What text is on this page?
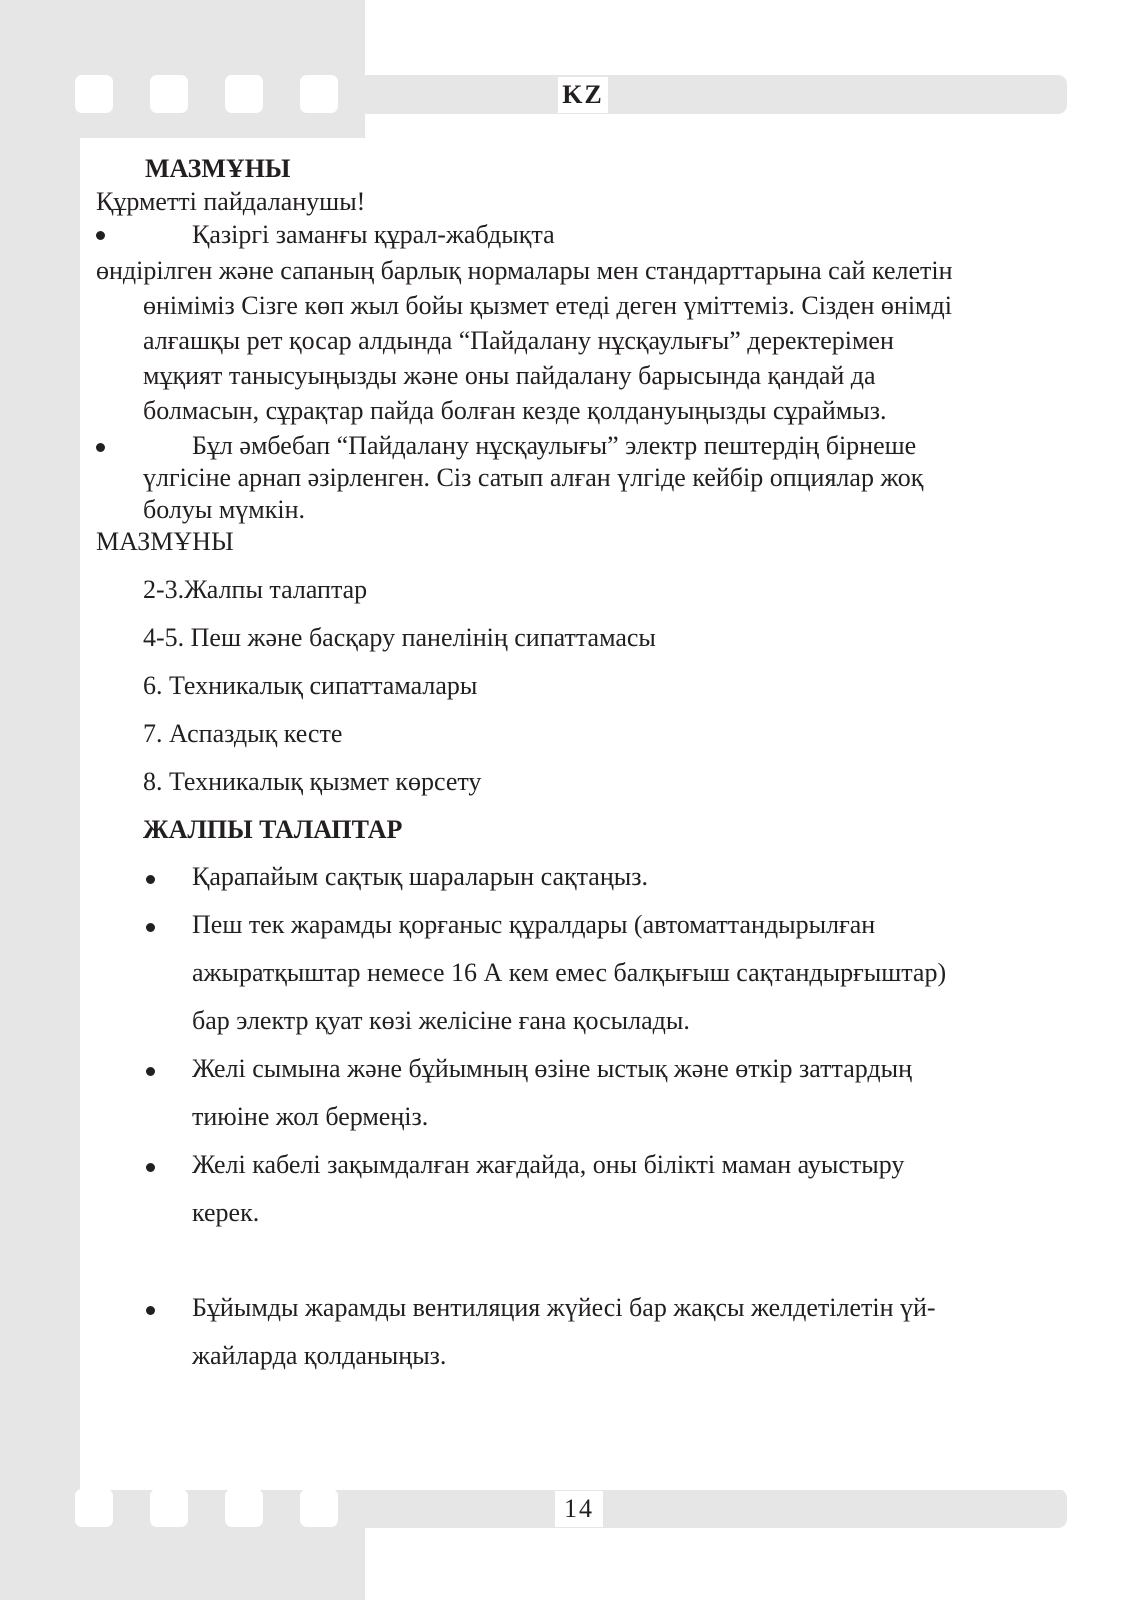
KZ
14
МАЗМҰНЫ
Құрметті пайдаланушы!
Қазіргі заманғы құрал-жабдықта
өндірілген және сапаның барлық нормалары мен стандарттарына сай келетін
өніміміз Сізге көп жыл бойы қызмет етеді деген үміттеміз. Сізден өнімді
алғашқы рет қосар алдында “Пайдалану нұсқаулығы” деректерімен
мұқият танысуыңызды және оны пайдалану барысында қандай да
болмасын, сұрақтар пайда болған кезде қолдануыңызды сұраймыз.
Бұл әмбебап “Пайдалану нұсқаулығы” электр пештердің бірнеше
үлгісіне арнап әзірленген. Сіз сатып алған үлгіде кейбір опциялар жоқ
болуы мүмкін.
МАЗМҰНЫ
2-3.Жалпы талаптар
4-5. Пеш және басқару панелінің сипаттамасы
6. Техникалық сипаттамалары
7. Аспаздық кесте
8. Техникалық қызмет көрсету
ЖАЛПЫ ТАЛАПТАР
Қарапайым сақтық шараларын сақтаңыз.
Пеш тек жарамды қорғаныс құралдары (автоматтандырылған
ажыратқыштар немесе 16 А кем емес балқығыш сақтандырғыштар)
бар электр қуат көзі желісіне ғана қосылады.
Желі сымына және бұйымның өзіне ыстық және өткір заттардың
тиюіне жол бермеңіз.
Желі кабелі зақымдалған жағдайда, оны білікті маман ауыстыру
керек.
Бұйымды жарамды вентиляция жүйесі бар жақсы желдетілетін үй-
жайларда қолданыңыз.
